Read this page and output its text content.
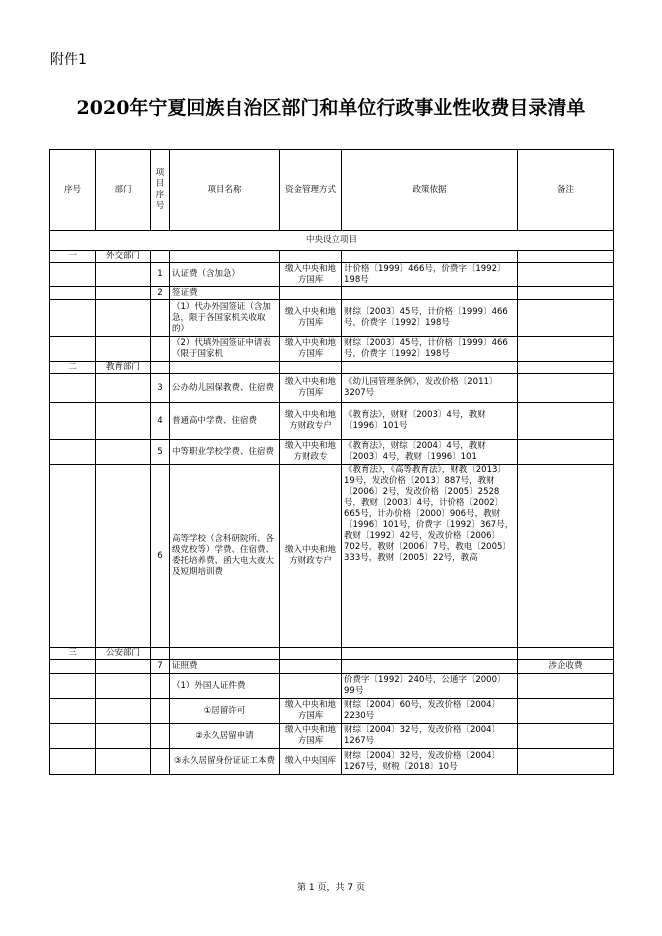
附件1
2020年宁夏回族自治区部门和单位行政事业性收费目录清单
序号	部门	项目序号	项目名称	资金管理方式	政策依据	备注
中央设立项目						
一	外交部门					
		1	认证费（含加急）	缴入中央和地方国库	计价格〔1999〕466号，价费字〔1992〕198号	
		2	签证费			
			（1）代办外国签证（含加急，限于各国家机关收取的）	缴入中央和地方国库	财综〔2003〕45号，计价格〔1999〕466号，价费字〔1992〕198号	
			（2）代填外国签证申请表（限于国家机	缴入中央和地方国库	财综〔2003〕45号，计价格〔1999〕466号，价费字〔1992〕198号	
二	教育部门					
		3	公办幼儿园保教费、住宿费	缴入中央和地方国库	《幼儿园管理条例》，发改价格〔2011〕3207号	
		4	普通高中学费、住宿费	缴入中央和地方财政专户	《教育法》，财财〔2003〕4号，教财〔1996〕101号	
		5	中等职业学校学费、住宿费	缴入中央和地方财政专	《教育法》，财综〔2004〕4号，教财〔2003〕4号，教财〔1996〕101	
		6	高等学校（含科研院所、各级党校等）学费、住宿费、委托培养费、函大电大夜大及短期培训费	缴入中央和地方财政专户	《教育法》，《高等教育法》，财教〔2013〕19号，发改价格〔2013〕887号，教财〔2006〕2号，发改价格〔2005〕2528号，教财〔2003〕4号，计价格〔2002〕665号，计办价格〔2000〕906号，教财〔1996〕101号，价费字〔1992〕367号，教财〔1992〕42号，发改价格〔2006〕702号，教财〔2006〕7号，教电〔2005〕333号，教财〔2005〕22号，教高	
三	公安部门					
		7	证照费			涉企收费
			（1）外国人证件费		价费字〔1992〕240号，公通字〔2000〕99号	
			①居留许可	缴入中央和地方国库	财综〔2004〕60号，发改价格〔2004〕2230号	
			②永久居留申请	缴入中央和地方国库	财综〔2004〕32号，发改价格〔2004〕1267号	
			③永久居留身份证证工本费	缴入中央国库	财综〔2004〕32号，发改价格〔2004〕1267号，财税〔2018〕10号	
第 1 页，共 7 页
